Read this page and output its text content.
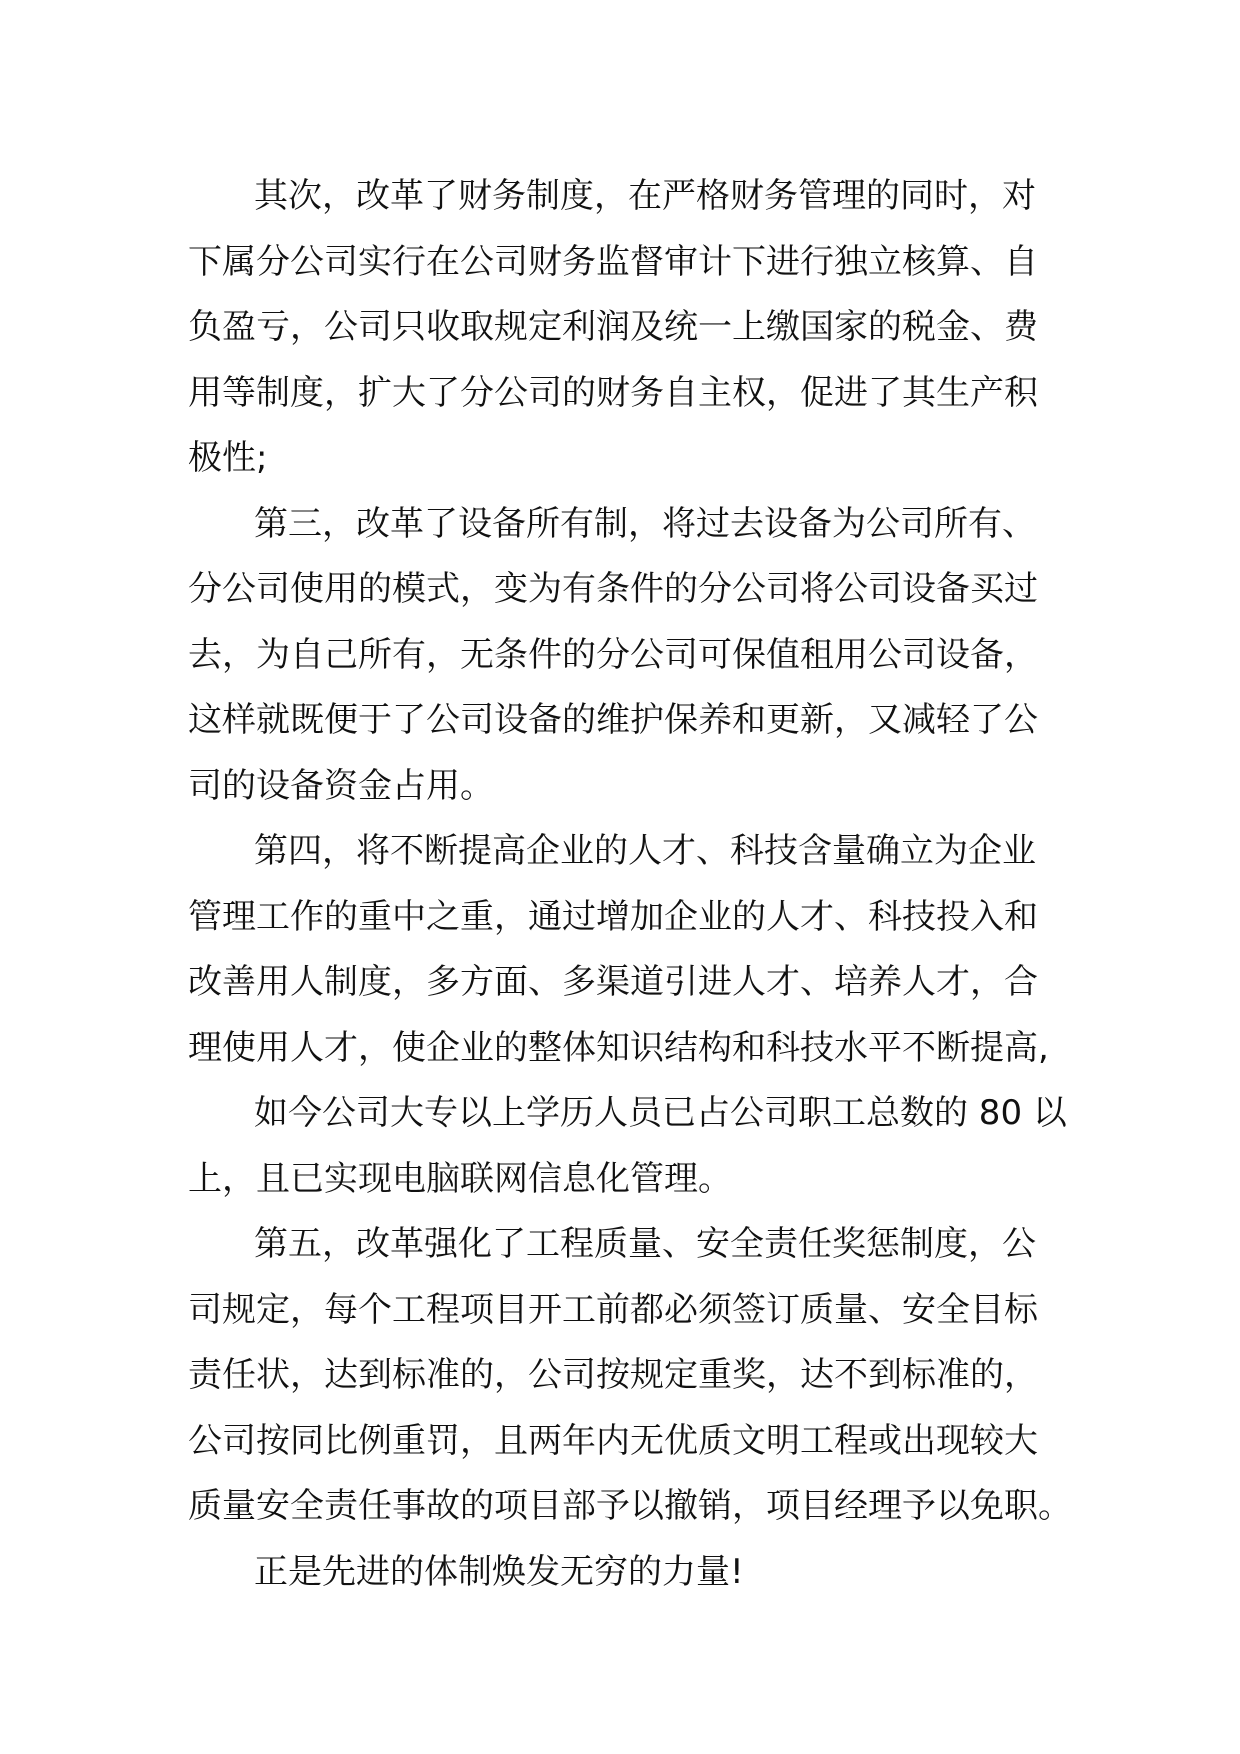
其次，改革了财务制度，在严格财务管理的同时，对
下属分公司实行在公司财务监督审计下进行独立核算、自
负盈亏，公司只收取规定利润及统一上缴国家的税金、费
用等制度，扩大了分公司的财务自主权，促进了其生产积
极性;
第三，改革了设备所有制，将过去设备为公司所有、
分公司使用的模式，变为有条件的分公司将公司设备买过
去，为自己所有，无条件的分公司可保值租用公司设备，
这样就既便于了公司设备的维护保养和更新，又减轻了公
司的设备资金占用。
第四，将不断提高企业的人才、科技含量确立为企业
管理工作的重中之重，通过增加企业的人才、科技投入和
改善用人制度，多方面、多渠道引进人才、培养人才，合
理使用人才，使企业的整体知识结构和科技水平不断提高,
如今公司大专以上学历人员已占公司职工总数的 80 以
上，且已实现电脑联网信息化管理。
第五，改革强化了工程质量、安全责任奖惩制度，公
司规定，每个工程项目开工前都必须签订质量、安全目标
责任状，达到标准的，公司按规定重奖，达不到标准的，
公司按同比例重罚，且两年内无优质文明工程或出现较大
质量安全责任事故的项目部予以撤销，项目经理予以免职。
正是先进的体制焕发无穷的力量!
